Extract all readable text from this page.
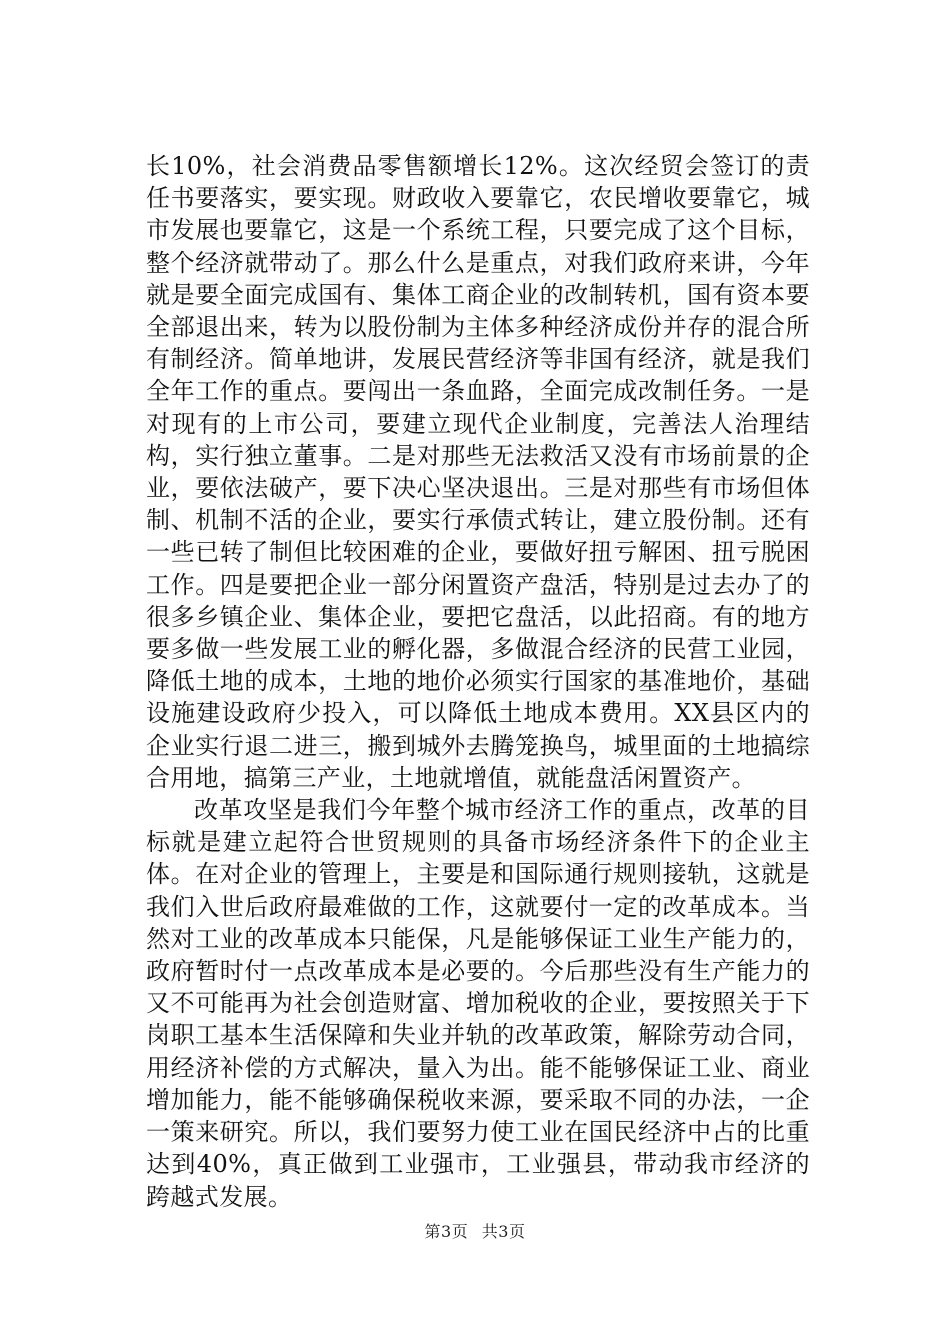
长10%，社会消费品零售额增长12%。这次经贸会签订的责任书要落实，要实现。财政收入要靠它，农民增收要靠它，城市发展也要靠它，这是一个系统工程，只要完成了这个目标，整个经济就带动了。那么什么是重点，对我们政府来讲，今年就是要全面完成国有、集体工商企业的改制转机，国有资本要全部退出来，转为以股份制为主体多种经济成份并存的混合所有制经济。简单地讲，发展民营经济等非国有经济，就是我们全年工作的重点。要闯出一条血路，全面完成改制任务。一是对现有的上市公司，要建立现代企业制度，完善法人治理结构，实行独立董事。二是对那些无法救活又没有市场前景的企业，要依法破产，要下决心坚决退出。三是对那些有市场但体制、机制不活的企业，要实行承债式转让，建立股份制。还有一些已转了制但比较困难的企业，要做好扭亏解困、扭亏脱困工作。四是要把企业一部分闲置资产盘活，特别是过去办了的很多乡镇企业、集体企业，要把它盘活，以此招商。有的地方要多做一些发展工业的孵化器，多做混合经济的民营工业园，降低土地的成本，土地的地价必须实行国家的基准地价，基础设施建设政府少投入，可以降低土地成本费用。XX县区内的企业实行退二进三，搬到城外去腾笼换鸟，城里面的土地搞综合用地，搞第三产业，土地就增值，就能盘活闲置资产。

改革攻坚是我们今年整个城市经济工作的重点，改革的目标就是建立起符合世贸规则的具备市场经济条件下的企业主体。在对企业的管理上，主要是和国际通行规则接轨，这就是我们入世后政府最难做的工作，这就要付一定的改革成本。当然对工业的改革成本只能保，凡是能够保证工业生产能力的，政府暂时付一点改革成本是必要的。今后那些没有生产能力的又不可能再为社会创造财富、增加税收的企业，要按照关于下岗职工基本生活保障和失业并轨的改革政策，解除劳动合同，用经济补偿的方式解决，量入为出。能不能够保证工业、商业增加能力，能不能够确保税收来源，要采取不同的办法，一企一策来研究。所以，我们要努力使工业在国民经济中占的比重达到40%，真正做到工业强市，工业强县，带动我市经济的跨越式发展。

第3页 共3页
